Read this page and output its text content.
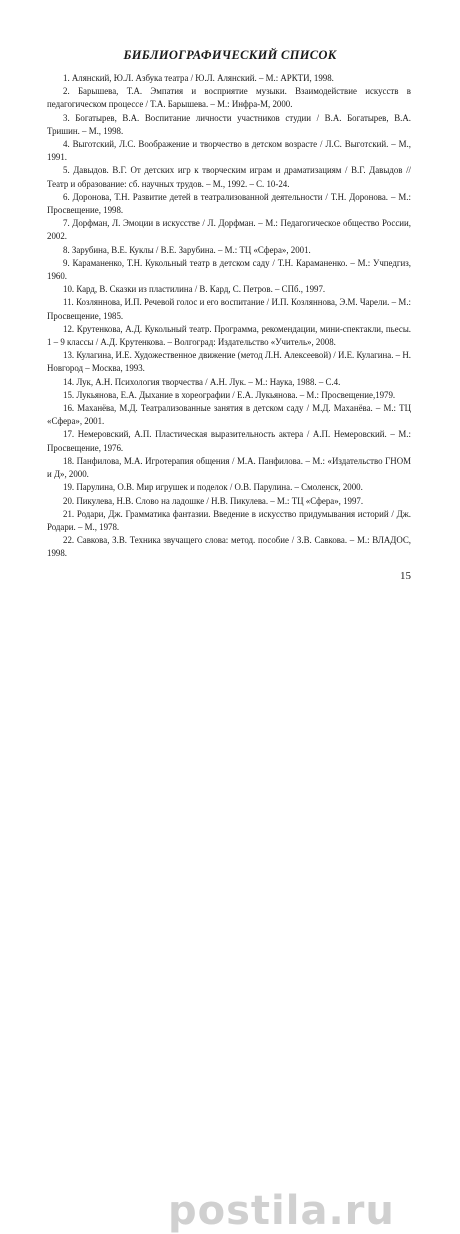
БИБЛИОГРАФИЧЕСКИЙ СПИСОК
1. Алянский, Ю.Л. Азбука театра / Ю.Л. Алянский. – М.: АРКТИ, 1998.
2. Барышева, Т.А. Эмпатия и восприятие музыки. Взаимодействие искусств в педагогическом процессе / Т.А. Барышева. – М.: Инфра-М, 2000.
3. Богатырев, В.А. Воспитание личности участников студии / В.А. Богатырев, В.А. Тришин. – М., 1998.
4. Выготский, Л.С. Воображение и творчество в детском возрасте / Л.С. Выготский. – М., 1991.
5. Давыдов. В.Г. От детских игр к творческим играм и драматизациям / В.Г. Давыдов // Театр и образование: сб. научных трудов. – М., 1992. – С. 10-24.
6. Доронова, Т.Н. Развитие детей в театрализованной деятельности / Т.Н. Доронова. – М.: Просвещение, 1998.
7. Дорфман, Л. Эмоции в искусстве / Л. Дорфман. – М.: Педагогическое общество России, 2002.
8. Зарубина, В.Е. Куклы / В.Е. Зарубина. – М.: ТЦ «Сфера», 2001.
9. Караманенко, Т.Н. Кукольный театр в детском саду / Т.Н. Караманенко. – М.: Учпедгиз, 1960.
10. Кард, В. Сказки из пластилина / В. Кард, С. Петров. – СПб., 1997.
11. Козляннова, И.П. Речевой голос и его воспитание / И.П. Козляннова, Э.М. Чарели. – М.: Просвещение, 1985.
12. Крутенкова, А.Д. Кукольный театр. Программа, рекомендации, мини-спектакли, пьесы. 1 – 9 классы / А.Д. Крутенкова. – Волгоград: Издательство «Учитель», 2008.
13. Кулагина, И.Е. Художественное движение (метод Л.Н. Алексеевой) / И.Е. Кулагина. – Н. Новгород – Москва, 1993.
14. Лук, А.Н. Психология творчества / А.Н. Лук. – М.: Наука, 1988. – С.4.
15. Лукьянова, Е.А. Дыхание в хореографии / Е.А. Лукьянова. – М.: Просвещение,1979.
16. Маханёва, М.Д. Театрализованные занятия в детском саду / М.Д. Маханёва. – М.: ТЦ «Сфера», 2001.
17. Немеровский, А.П. Пластическая выразительность актера / А.П. Немеровский. – М.: Просвещение, 1976.
18. Панфилова, М.А. Игротерапия общения / М.А. Панфилова. – М.: «Издательство ГНОМ и Д», 2000.
19. Парулина, О.В. Мир игрушек и поделок / О.В. Парулина. – Смоленск, 2000.
20. Пикулева, Н.В. Слово на ладошке / Н.В. Пикулева. – М.: ТЦ «Сфера», 1997.
21. Родари, Дж. Грамматика фантазии. Введение в искусство придумывания историй / Дж. Родари. – М., 1978.
22. Савкова, З.В. Техника звучащего слова: метод. пособие / З.В. Савкова. – М.: ВЛАДОС, 1998.

15

postila.ru
